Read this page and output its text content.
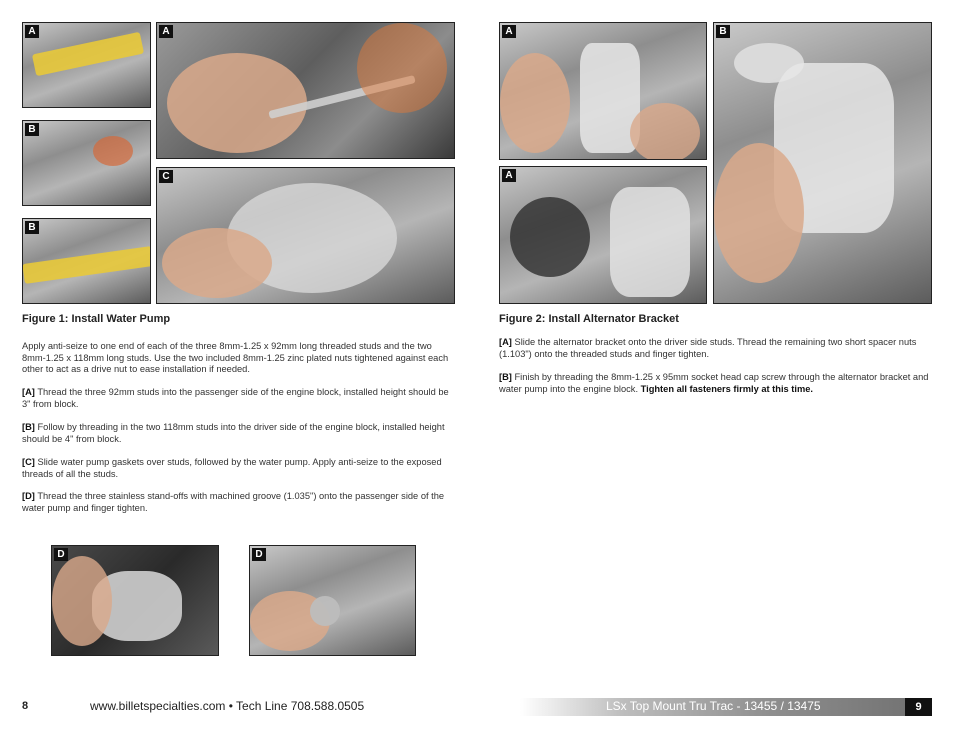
A	A
B
C
B
D	D
Figure 1: Install Water Pump

Apply anti-seize to one end of each of the three 8mm-1.25 x 92mm long threaded studs and the two 8mm-1.25 x 118mm long studs. Use the two included 8mm-1.25 zinc plated nuts tightened against each other to act as a drive nut to ease installation if needed.

[A] Thread the three 92mm studs into the passenger side of the engine block, installed height should be 3" from block.

[B] Follow by threading in the two 118mm studs into the driver side of the engine block, installed height should be 4" from block.

[C] Slide water pump gaskets over studs, followed by the water pump. Apply anti-seize to the exposed threads of all the studs.

[D] Thread the three stainless stand-offs with machined groove (1.035") onto the passenger side of the water pump and finger tighten.

A	B
A
Figure 2: Install Alternator Bracket

[A] Slide the alternator bracket onto the driver side studs. Thread the remaining two short spacer nuts (1.103") onto the threaded studs and finger tighten.

[B] Finish by threading the 8mm-1.25 x 95mm socket head cap screw through the alternator bracket and water pump into the engine block. Tighten all fasteners firmly at this time.

8	www.billetspecialties.com • Tech Line 708.588.0505	LSx Top Mount Tru Trac - 13455 / 13475	9
